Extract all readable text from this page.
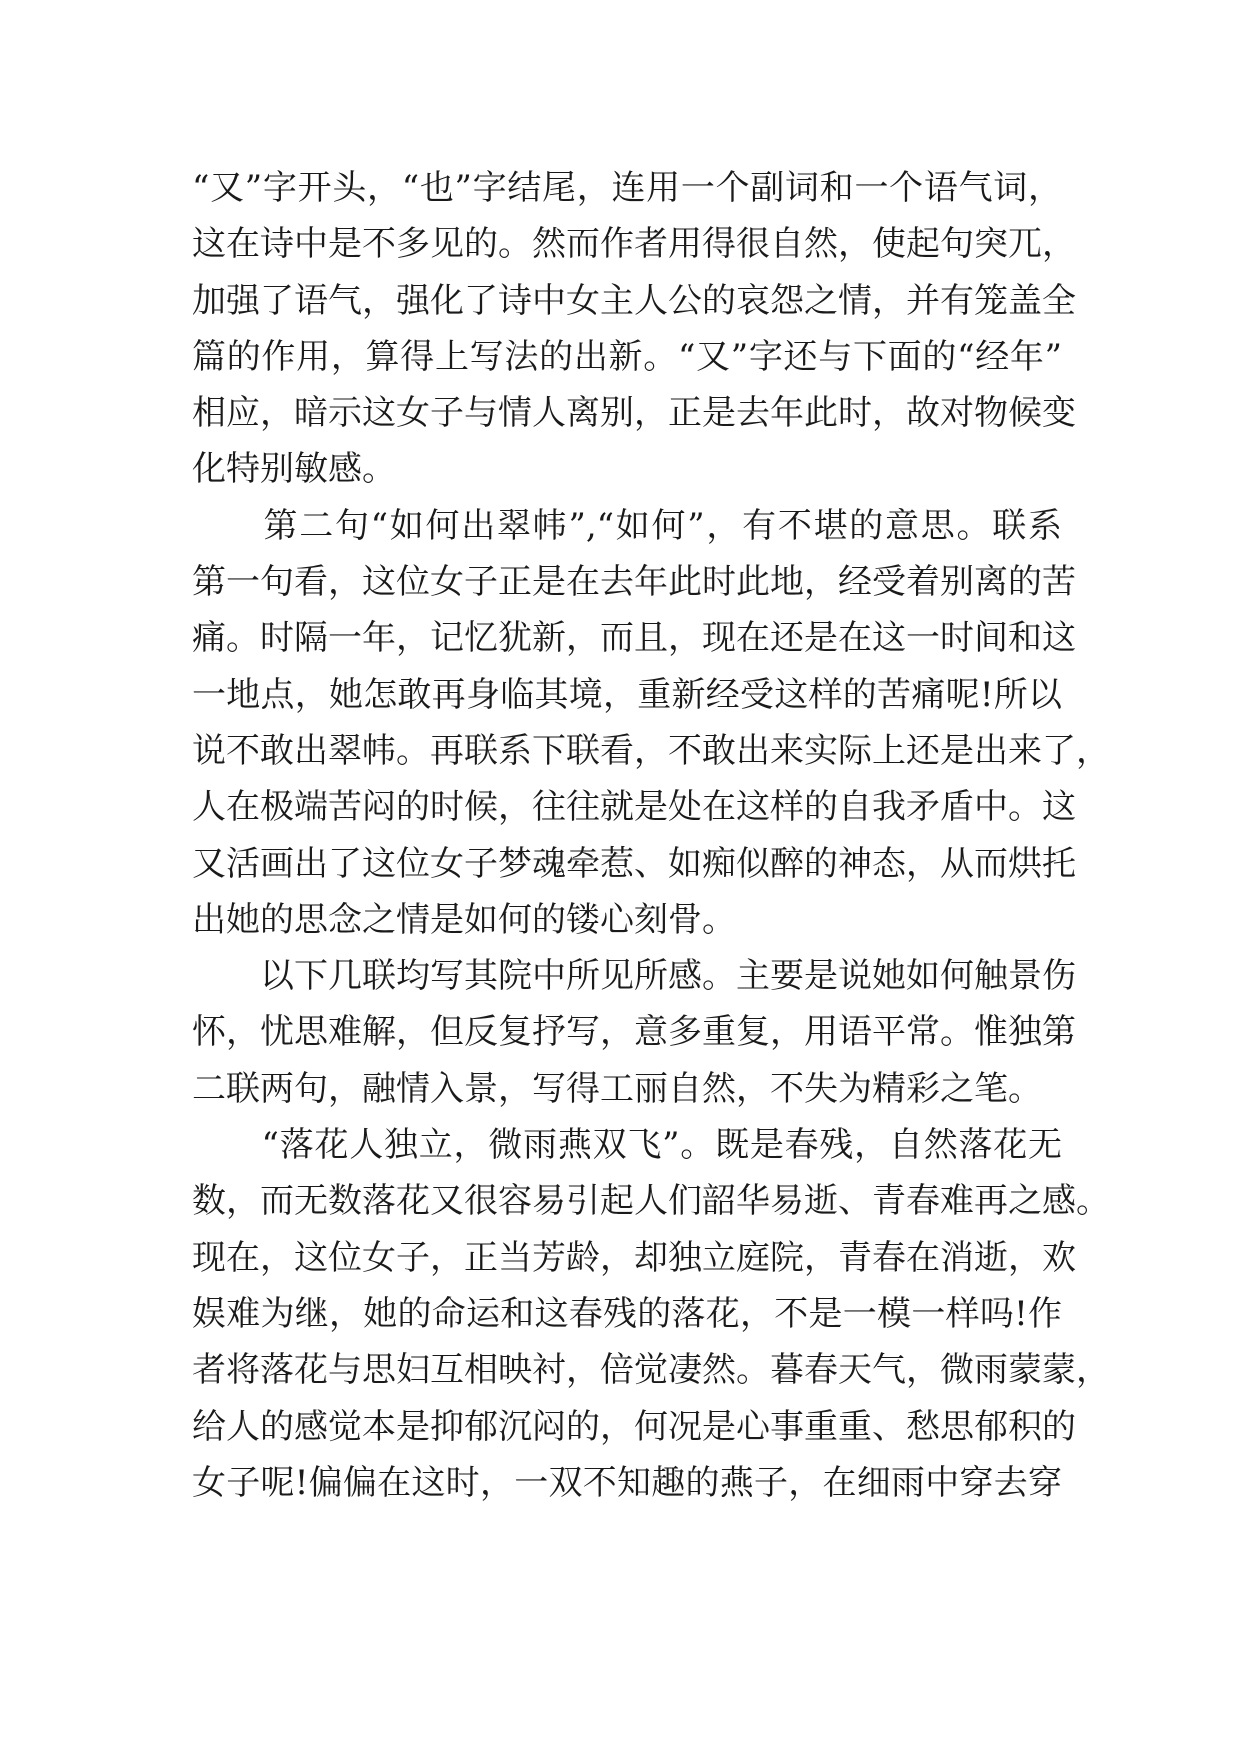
“又”字开头，“也”字结尾，连用一个副词和一个语气词，
这在诗中是不多见的。然而作者用得很自然，使起句突兀，
加强了语气，强化了诗中女主人公的哀怨之情，并有笼盖全
篇的作用，算得上写法的出新。“又”字还与下面的“经年”
相应，暗示这女子与情人离别，正是去年此时，故对物候变
化特别敏感。
　　第二句“如何出翠帏”,“如何”，有不堪的意思。联系
第一句看，这位女子正是在去年此时此地，经受着别离的苦
痛。时隔一年，记忆犹新，而且，现在还是在这一时间和这
一地点，她怎敢再身临其境，重新经受这样的苦痛呢!所以
说不敢出翠帏。再联系下联看，不敢出来实际上还是出来了，
人在极端苦闷的时候，往往就是处在这样的自我矛盾中。这
又活画出了这位女子梦魂牵惹、如痴似醉的神态，从而烘托
出她的思念之情是如何的镂心刻骨。
　　以下几联均写其院中所见所感。主要是说她如何触景伤
怀，忧思难解，但反复抒写，意多重复，用语平常。惟独第
二联两句，融情入景，写得工丽自然，不失为精彩之笔。
　　“落花人独立，微雨燕双飞”。既是春残，自然落花无
数，而无数落花又很容易引起人们韶华易逝、青春难再之感。
现在，这位女子，正当芳龄，却独立庭院，青春在消逝，欢
娱难为继，她的命运和这春残的落花，不是一模一样吗!作
者将落花与思妇互相映衬，倍觉凄然。暮春天气，微雨蒙蒙，
给人的感觉本是抑郁沉闷的，何况是心事重重、愁思郁积的
女子呢!偏偏在这时，一双不知趣的燕子，在细雨中穿去穿
